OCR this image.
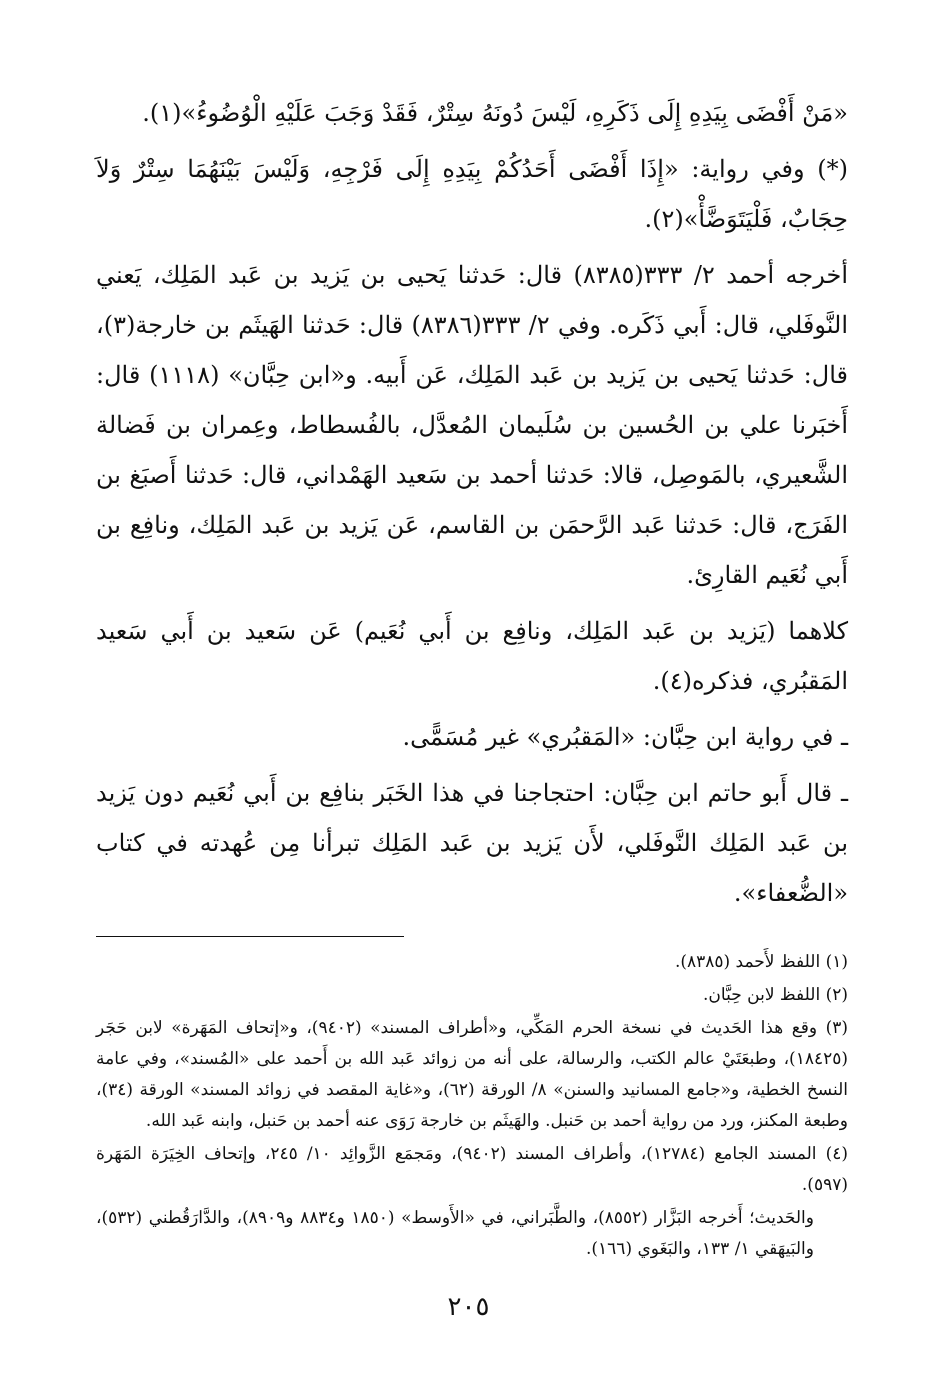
«مَنْ أَفْضَى بِيَدِهِ إِلَى ذَكَرِهِ، لَيْسَ دُونَهُ سِتْرٌ، فَقَدْ وَجَبَ عَلَيْهِ الْوُضُوءُ»(١).

(*) وفي رواية: «إِذَا أَفْضَى أَحَدُكُمْ بِيَدِهِ إِلَى فَرْجِهِ، وَلَيْسَ بَيْنَهُمَا سِتْرٌ وَلاَ حِجَابٌ، فَلْيَتَوَضَّأْ»(٢).

أخرجه أحمد ٢/ ٣٣٣(٨٣٨٥) قال: حَدثنا يَحيى بن يَزيد بن عَبد المَلِك، يَعني النَّوفَلي، قال: أَبي ذَكَره. وفي ٢/ ٣٣٣(٨٣٨٦) قال: حَدثنا الهَيثَم بن خارجة(٣)، قال: حَدثنا يَحيى بن يَزيد بن عَبد المَلِك، عَن أَبيه. و«ابن حِبَّان» (١١١٨) قال: أَخبَرنا علي بن الحُسين بن سُلَيمان المُعدَّل، بالفُسطاط، وعِمران بن فَضالة الشَّعيري، بالمَوصِل، قالا: حَدثنا أحمد بن سَعيد الهَمْداني، قال: حَدثنا أَصبَغ بن الفَرَج، قال: حَدثنا عَبد الرَّحمَن بن القاسم، عَن يَزيد بن عَبد المَلِك، ونافِع بن أَبي نُعَيم القارِئ.

كلاهما (يَزيد بن عَبد المَلِك، ونافِع بن أَبي نُعَيم) عَن سَعيد بن أَبي سَعيد المَقبُري، فذكره(٤).

ـ في رواية ابن حِبَّان: «المَقبُري» غير مُسَمًّى.

ـ قال أَبو حاتم ابن حِبَّان: احتجاجنا في هذا الخَبَر بنافِع بن أَبي نُعَيم دون يَزيد بن عَبد المَلِك النَّوفَلي، لأَن يَزيد بن عَبد المَلِك تبرأنا مِن عُهدته في كتاب «الضُّعفاء».

(١) اللفظ لأَحمد (٨٣٨٥).

(٢) اللفظ لابن حِبَّان.

(٣) وقع هذا الحَديث في نسخة الحرم المَكِّي، و«أطراف المسند» (٩٤٠٢)، و«إتحاف المَهَرة» لابن حَجَر (١٨٤٢٥)، وطبعَتَيْ عالم الكتب، والرسالة، على أنه من زوائد عَبد الله بن أَحمد على «المُسند»، وفي عامة النسخ الخطية، و«جامع المسانيد والسنن» ٨/ الورقة (٦٢)، و«غاية المقصد في زوائد المسند» الورقة (٣٤)، وطبعة المكنز، ورد من رواية أحمد بن حَنبل. والهَيثَم بن خارجة رَوَى عنه أحمد بن حَنبل، وابنه عَبد الله.

(٤) المسند الجامع (١٢٧٨٤)، وأطراف المسند (٩٤٠٢)، ومَجمَع الزَّوائِد ١٠/ ٢٤٥، وإتحاف الخِيَرَة المَهَرة (٥٩٧).

والحَديث؛ أَخرجه البَزَّار (٨٥٥٢)، والطَّبَراني، في «الأَوسط» (١٨٥٠ و٨٨٣٤ و٨٩٠٩)، والدَّارَقُطني (٥٣٢)، والبَيهَقي ١/ ١٣٣، والبَغَوي (١٦٦).

٢٠٥
